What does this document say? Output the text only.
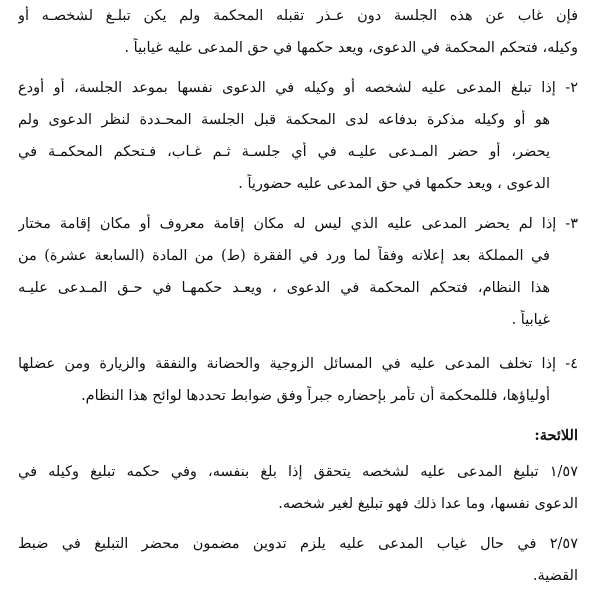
فإن غاب عن هذه الجلسة دون عـذر تقبله المحكمة ولم يكن تبلـغ لشخصـه أو
وكيله، فتحكم المحكمة في الدعوى، ويعد حكمها في حق المدعى عليه غيابياً .
٢- إذا تبلغ المدعى عليه لشخصه أو وكيله في الدعوى نفسها بموعد الجلسة، أو أودع
هو أو وكيله مذكرة بدفاعه لدى المحكمة قبل الجلسة المحـددة لنظر الدعوى ولم
يحضر، أو حضر المـدعى عليـه في أي جلسـة ثـم غـاب، فـتحكم المحكمـة في
الدعوى ، ويعد حكمها في حق المدعى عليه حضورياً .
٣- إذا لم يحضر المدعى عليه الذي ليس له مكان إقامة معروف أو مكان إقامة مختار
في المملكة بعد إعلانه وفقاً لما ورد في الفقرة (ط) من المادة (السابعة عشرة) من
هذا النظام، فتحكم المحكمة في الدعوى ، ويعـد حكمهـا في حـق المـدعى عليـه
غيابياً .
٤- إذا تخلف المدعى عليه في المسائل الزوجية والحضانة والنفقة والزيارة ومن عضلها
أولياؤها، فللمحكمة أن تأمر بإحضاره جبراً وفق ضوابط تحددها لوائح هذا النظام.
اللائحة:
١/٥٧ تبليغ المدعى عليه لشخصه يتحقق إذا بلغ بنفسه، وفي حكمه تبليغ وكيله في
الدعوى نفسها، وما عدا ذلك فهو تبليغ لغير شخصه.
٢/٥٧ في حال غياب المدعى عليه يلزم تدوين مضمون محضر التبليغ في ضبط
القضية.
